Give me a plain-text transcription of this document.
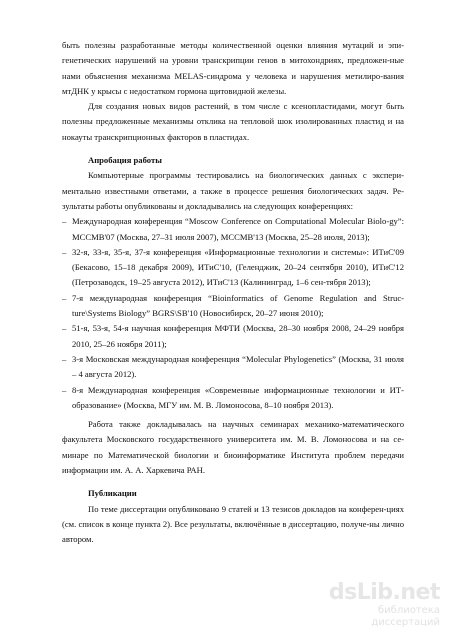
быть полезны разработанные методы количественной оценки влияния мутаций и эпи-генетических нарушений на уровни транскрипции генов в митохондриях, предложен-ные нами объяснения механизма MELAS-синдрома у человека и нарушения метилиро-вания мтДНК у крысы с недостатком гормона щитовидной железы.

Для создания новых видов растений, в том числе с ксенопластидами, могут быть полезны предложенные механизмы отклика на тепловой шок изолированных пластид и на нокауты транскрипционных факторов в пластидах.

Апробация работы

Компьютерные программы тестировались на биологических данных с экспери-ментально известными ответами, а также в процессе решения биологических задач. Ре-зультаты работы опубликованы и докладывались на следующих конференциях:

– Международная конференция “Moscow Conference on Computational Molecular Biolo-gy”: MCCMB'07 (Москва, 27–31 июля 2007), MCCMB'13 (Москва, 25–28 июля, 2013);

– 32-я, 33-я, 35-я, 37-я конференция «Информационные технологии и системы»: ИТиС'09 (Бекасово, 15–18 декабря 2009), ИТиС'10, (Геленджик, 20–24 сентября 2010), ИТиС'12 (Петрозаводск, 19–25 августа 2012), ИТиС'13 (Калининград, 1–6 сен-тября 2013);

– 7-я международная конференция “Bioinformatics of Genome Regulation and Struc-ture\Systems Biology” BGRS\SB'10 (Новосибирск, 20–27 июня 2010);

– 51-я, 53-я, 54-я научная конференция МФТИ (Москва, 28–30 ноября 2008, 24–29 ноября 2010, 25–26 ноября 2011);

– 3-я Московская международная конференция “Molecular Phylogenetics” (Москва, 31 июля – 4 августа 2012).

– 8-я Международная конференция «Современные информационные технологии и ИТ-образование» (Москва, МГУ им. М. В. Ломоносова, 8–10 ноября 2013).

Работа также докладывалась на научных семинарах механико-математического факультета Московского государственного университета им. М. В. Ломоносова и на се-минаре по Математической биологии и биоинформатике Института проблем передачи информации им. А. А. Харкевича РАН.

Публикации

По теме диссертации опубликовано 9 статей и 13 тезисов докладов на конферен-циях (см. список в конце пункта 2). Все результаты, включённые в диссертацию, получе-ны лично автором.

dsLib.net
библиотека диссертаций
